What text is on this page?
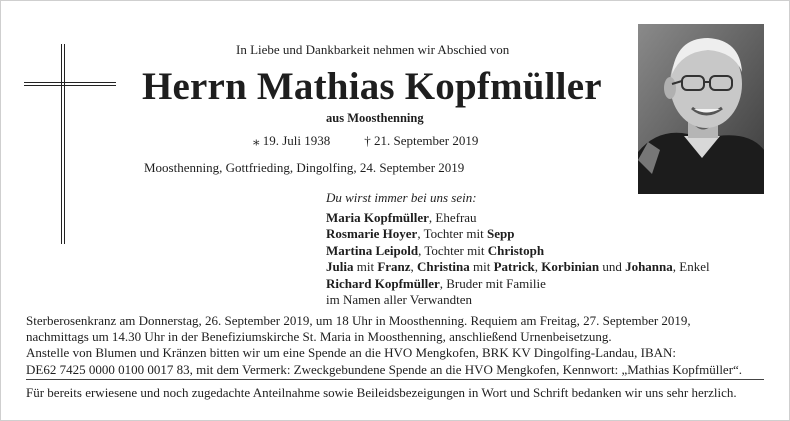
In Liebe und Dankbarkeit nehmen wir Abschied von
Herrn Mathias Kopfmüller
aus Moosthenning
⁎ 19. Juli 1938	† 21. September 2019
Moosthenning, Gottfrieding, Dingolfing, 24. September 2019
Du wirst immer bei uns sein:
Maria Kopfmüller, Ehefrau
Rosmarie Hoyer, Tochter mit Sepp
Martina Leipold, Tochter mit Christoph
Julia mit Franz, Christina mit Patrick, Korbinian und Johanna, Enkel
Richard Kopfmüller, Bruder mit Familie
im Namen aller Verwandten
Sterberosenkranz am Donnerstag, 26. September 2019, um 18 Uhr in Moosthenning. Requiem am Freitag, 27. September 2019,
nachmittags um 14.30 Uhr in der Benefiziumskirche St. Maria in Moosthenning, anschließend Urnenbeisetzung.
Anstelle von Blumen und Kränzen bitten wir um eine Spende an die HVO Mengkofen, BRK KV Dingolfing-Landau, IBAN:
DE62 7425 0000 0100 0017 83, mit dem Vermerk: Zweckgebundene Spende an die HVO Mengkofen, Kennwort: „Mathias Kopfmüller“.
Für bereits erwiesene und noch zugedachte Anteilnahme sowie Beileidsbezeigungen in Wort und Schrift bedanken wir uns sehr herzlich.
